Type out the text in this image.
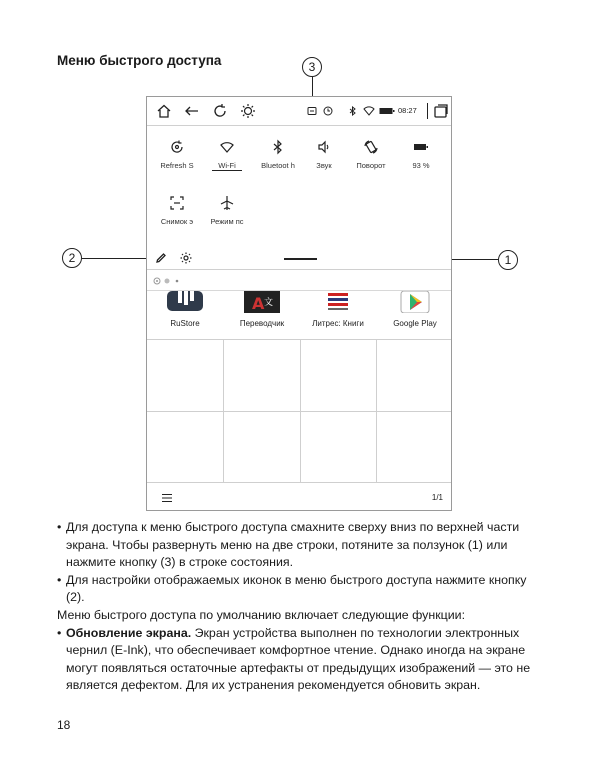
Меню быстрого доступа	3
2	1
08:27
Refresh S	Wi-Fi	Bluetoot h	Звук	Поворот	93 %
Снимок э	Режим пс
RuStore
A 文
Переводчик	Литрес: Книги	Google Play
1/1
• Для доступа к меню быстрого доступа смахните сверху вниз по верхней части экрана. Чтобы развернуть меню на две строки, потяните за ползунок (1) или нажмите кнопку (3) в строке состояния.
• Для настройки отображаемых иконок в меню быстрого доступа нажмите кнопку (2).
Меню быстрого доступа по умолчанию включает следующие функции:
• Обновление экрана. Экран устройства выполнен по технологии электронных чернил (E-Ink), что обеспечивает комфортное чтение. Однако иногда на экране могут появляться остаточные артефакты от предыдущих изображений — это не является дефектом. Для их устранения рекомендуется обновить экран.
18
